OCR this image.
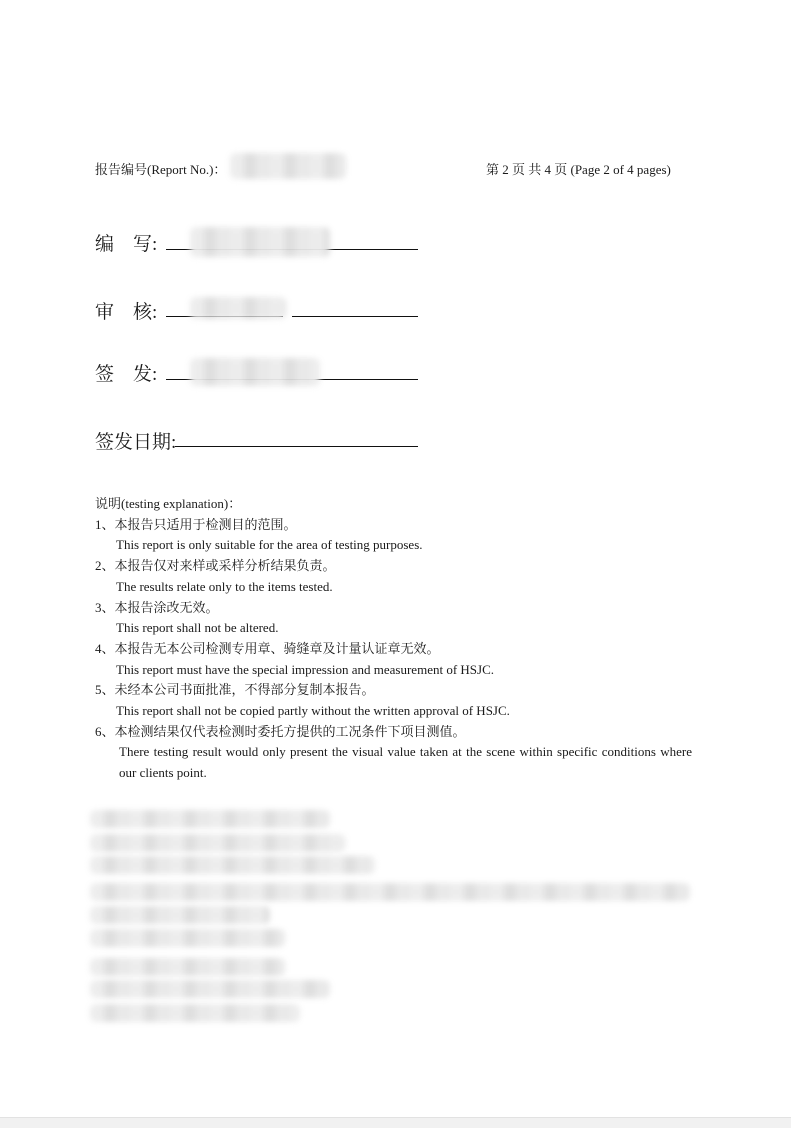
报告编号(Report No.)：	第 2 页 共 4 页 (Page 2 of 4 pages)
编　写:
审　核:
签　发:
签发日期:
说明(testing explanation)：
1、本报告只适用于检测目的范围。
This report is only suitable for the area of testing purposes.
2、本报告仅对来样或采样分析结果负责。
The results relate only to the items tested.
3、本报告涂改无效。
This report shall not be altered.
4、本报告无本公司检测专用章、骑缝章及计量认证章无效。
This report must have the special impression and measurement of HSJC.
5、未经本公司书面批准，不得部分复制本报告。
This report shall not be copied partly without the written approval of HSJC.
6、本检测结果仅代表检测时委托方提供的工况条件下项目测值。
There testing result would only present the visual value taken at the scene within specific conditions where our clients point.
